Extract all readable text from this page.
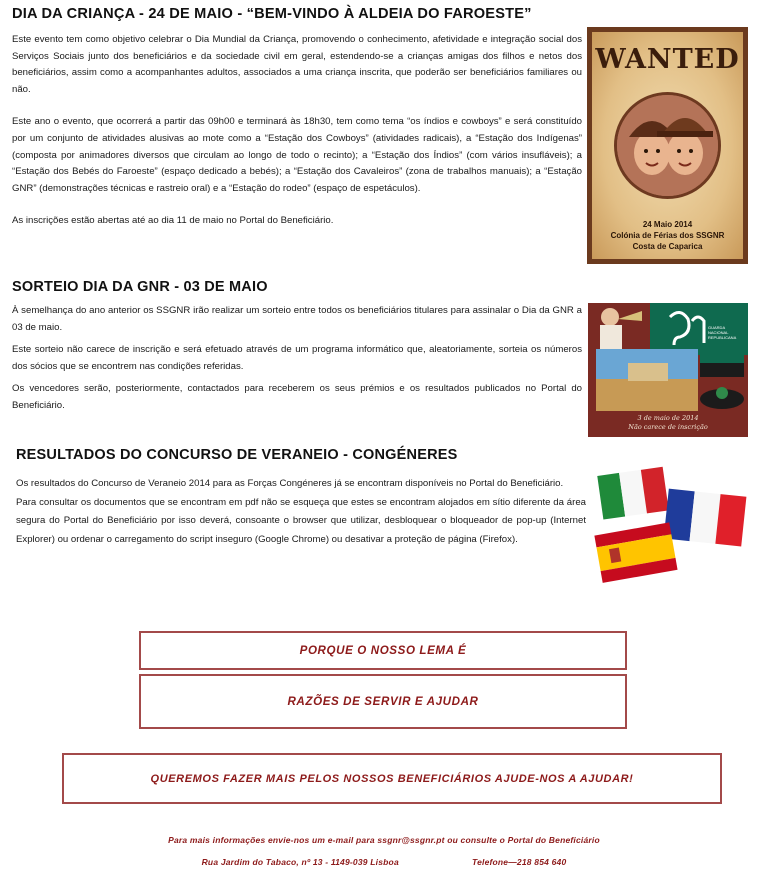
DIA DA CRIANÇA - 24 DE MAIO - “BEM-VINDO À ALDEIA DO FAROESTE”

Este evento tem como objetivo celebrar o Dia Mundial da Criança, promovendo o conhecimento, afetividade e integração social dos Serviços Sociais junto dos beneficiários e da sociedade civil em geral, estendendo-se a crianças amigas dos filhos e netos dos beneficiários, assim como a acompanhantes adultos, associados a uma criança inscrita, que poderão ser beneficiários familiares ou não.

Este ano o evento, que ocorrerá a partir das 09h00 e terminará às 18h30, tem como tema “os índios e cowboys” e será constituído por um conjunto de atividades alusivas ao mote como a “Estação dos Cowboys” (atividades radicais), a “Estação dos Indígenas” (composta por animadores diversos que circulam ao longo de todo o recinto); a “Estação dos Índios” (com vários insufláveis); a “Estação dos Bebés do Faroeste” (espaço dedicado a bebés); a “Estação dos Cavaleiros” (zona de trabalhos manuais); a “Estação GNR” (demonstrações técnicas e rastreio oral) e a “Estação do rodeo” (espaço de espetáculos).

As inscrições estão abertas até ao dia 11 de maio no Portal do Beneficiário.

WANTED
24 Maio 2014
Colónia de Férias dos SSGNR
Costa de Caparica
SORTEIO DIA DA GNR - 03 DE MAIO

À semelhança do ano anterior os SSGNR irão realizar um sorteio entre todos os beneficiários titulares para assinalar o Dia da GNR a 03 de maio.

Este sorteio não carece de inscrição e será efetuado através de um programa informático que, aleatoriamente, sorteia os números dos sócios que se encontrem nas condições referidas.

Os vencedores serão, posteriormente, contactados para receberem os seus prémios e os resultados publicados no Portal do Beneficiário.

GUARDA
NACIONAL
REPUBLICANA
3 de maio de 2014
Não carece de inscrição
RESULTADOS DO CONCURSO DE VERANEIO - CONGÉNERES

Os resultados do Concurso de Veraneio 2014 para as Forças Congéneres já se encontram disponíveis no Portal do Beneficiário.

Para consultar os documentos que se encontram em pdf não se esqueça que estes se encontram alojados em sítio diferente da área segura do Portal do Beneficiário por isso deverá, consoante o browser que utilizar, desbloquear o bloqueador de pop-up (Internet Explorer) ou ordenar o carregamento do script inseguro (Google Chrome) ou desativar a proteção de página (Firefox).

PORQUE O NOSSO LEMA É
RAZÕES DE SERVIR E AJUDAR
QUEREMOS FAZER MAIS PELOS NOSSOS BENEFICIÁRIOS AJUDE-NOS A AJUDAR!
Para mais informações envie-nos um e-mail para ssgnr@ssgnr.pt ou consulte o Portal do Beneficiário
Rua Jardim do Tabaco, nº 13 - 1149-039 Lisboa	Telefone—218 854 640
